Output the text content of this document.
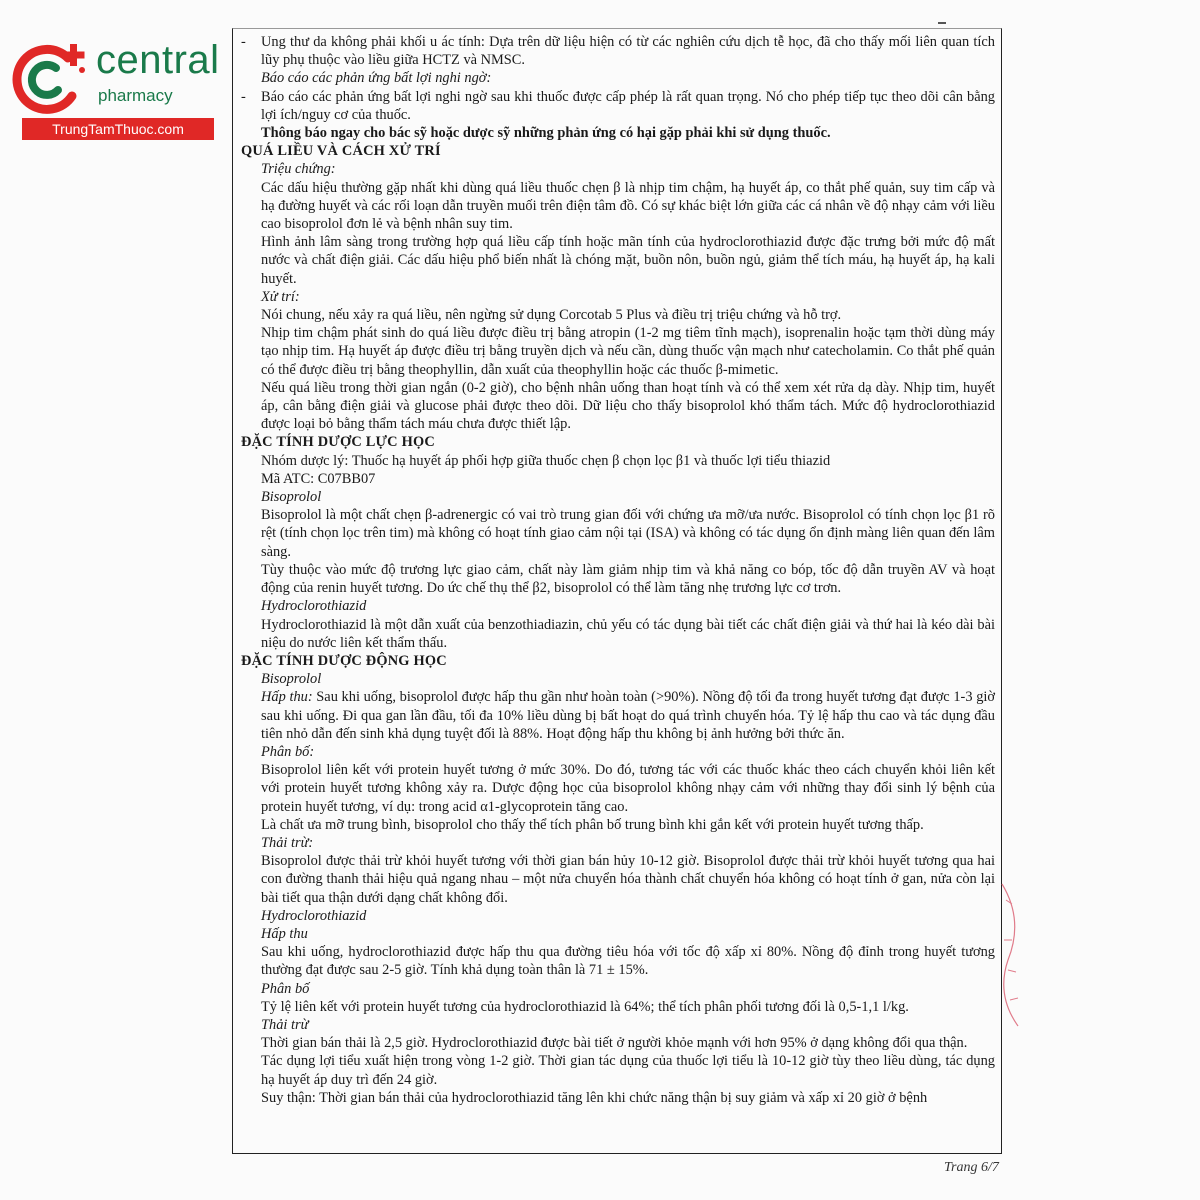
central
pharmacy
TrungTamThuoc.com

- Ung thư da không phải khối u ác tính: Dựa trên dữ liệu hiện có từ các nghiên cứu dịch tễ học, đã cho thấy mối liên quan tích lũy phụ thuộc vào liều giữa HCTZ và NMSC.

Báo cáo các phản ứng bất lợi nghi ngờ:

- Báo cáo các phản ứng bất lợi nghi ngờ sau khi thuốc được cấp phép là rất quan trọng. Nó cho phép tiếp tục theo dõi cân bằng lợi ích/nguy cơ của thuốc.

Thông báo ngay cho bác sỹ hoặc dược sỹ những phản ứng có hại gặp phải khi sử dụng thuốc.

QUÁ LIỀU VÀ CÁCH XỬ TRÍ

Triệu chứng:

Các dấu hiệu thường gặp nhất khi dùng quá liều thuốc chẹn β là nhịp tim chậm, hạ huyết áp, co thắt phế quản, suy tim cấp và hạ đường huyết và các rối loạn dẫn truyền muối trên điện tâm đồ. Có sự khác biệt lớn giữa các cá nhân về độ nhạy cảm với liều cao bisoprolol đơn lẻ và bệnh nhân suy tim.

Hình ảnh lâm sàng trong trường hợp quá liều cấp tính hoặc mãn tính của hydroclorothiazid được đặc trưng bởi mức độ mất nước và chất điện giải. Các dấu hiệu phổ biến nhất là chóng mặt, buồn nôn, buồn ngủ, giảm thể tích máu, hạ huyết áp, hạ kali huyết.

Xử trí:

Nói chung, nếu xảy ra quá liều, nên ngừng sử dụng Corcotab 5 Plus và điều trị triệu chứng và hỗ trợ.

Nhịp tim chậm phát sinh do quá liều được điều trị bằng atropin (1-2 mg tiêm tĩnh mạch), isoprenalin hoặc tạm thời dùng máy tạo nhịp tim. Hạ huyết áp được điều trị bằng truyền dịch và nếu cần, dùng thuốc vận mạch như catecholamin. Co thắt phế quản có thể được điều trị bằng theophyllin, dẫn xuất của theophyllin hoặc các thuốc β-mimetic.

Nếu quá liều trong thời gian ngắn (0-2 giờ), cho bệnh nhân uống than hoạt tính và có thể xem xét rửa dạ dày. Nhịp tim, huyết áp, cân bằng điện giải và glucose phải được theo dõi. Dữ liệu cho thấy bisoprolol khó thẩm tách. Mức độ hydroclorothiazid được loại bỏ bằng thẩm tách máu chưa được thiết lập.

ĐẶC TÍNH DƯỢC LỰC HỌC

Nhóm dược lý: Thuốc hạ huyết áp phối hợp giữa thuốc chẹn β chọn lọc β1 và thuốc lợi tiểu thiazid

Mã ATC: C07BB07

Bisoprolol

Bisoprolol là một chất chẹn β-adrenergic có vai trò trung gian đối với chứng ưa mỡ/ưa nước. Bisoprolol có tính chọn lọc β1 rõ rệt (tính chọn lọc trên tim) mà không có hoạt tính giao cảm nội tại (ISA) và không có tác dụng ổn định màng liên quan đến lâm sàng.

Tùy thuộc vào mức độ trương lực giao cảm, chất này làm giảm nhịp tim và khả năng co bóp, tốc độ dẫn truyền AV và hoạt động của renin huyết tương. Do ức chế thụ thể β2, bisoprolol có thể làm tăng nhẹ trương lực cơ trơn.

Hydroclorothiazid

Hydroclorothiazid là một dẫn xuất của benzothiadiazin, chủ yếu có tác dụng bài tiết các chất điện giải và thứ hai là kéo dài bài niệu do nước liên kết thẩm thấu.

ĐẶC TÍNH DƯỢC ĐỘNG HỌC

Bisoprolol

Hấp thu: Sau khi uống, bisoprolol được hấp thu gần như hoàn toàn (>90%). Nồng độ tối đa trong huyết tương đạt được 1-3 giờ sau khi uống. Đi qua gan lần đầu, tối đa 10% liều dùng bị bất hoạt do quá trình chuyển hóa. Tỷ lệ hấp thu cao và tác dụng đầu tiên nhỏ dẫn đến sinh khả dụng tuyệt đối là 88%. Hoạt động hấp thu không bị ảnh hưởng bởi thức ăn.

Phân bố:

Bisoprolol liên kết với protein huyết tương ở mức 30%. Do đó, tương tác với các thuốc khác theo cách chuyển khỏi liên kết với protein huyết tương không xảy ra. Dược động học của bisoprolol không nhạy cảm với những thay đổi sinh lý bệnh của protein huyết tương, ví dụ: trong acid α1-glycoprotein tăng cao.

Là chất ưa mỡ trung bình, bisoprolol cho thấy thể tích phân bố trung bình khi gắn kết với protein huyết tương thấp.

Thải trừ:

Bisoprolol được thải trừ khỏi huyết tương với thời gian bán hủy 10-12 giờ. Bisoprolol được thải trừ khỏi huyết tương qua hai con đường thanh thải hiệu quả ngang nhau – một nửa chuyển hóa thành chất chuyển hóa không có hoạt tính ở gan, nửa còn lại bài tiết qua thận dưới dạng chất không đổi.

Hydroclorothiazid

Hấp thu

Sau khi uống, hydroclorothiazid được hấp thu qua đường tiêu hóa với tốc độ xấp xỉ 80%. Nồng độ đỉnh trong huyết tương thường đạt được sau 2-5 giờ. Tính khả dụng toàn thân là 71 ± 15%.

Phân bố

Tỷ lệ liên kết với protein huyết tương của hydroclorothiazid là 64%; thể tích phân phối tương đối là 0,5-1,1 l/kg.

Thải trừ

Thời gian bán thải là 2,5 giờ. Hydroclorothiazid được bài tiết ở người khỏe mạnh với hơn 95% ở dạng không đổi qua thận.

Tác dụng lợi tiểu xuất hiện trong vòng 1-2 giờ. Thời gian tác dụng của thuốc lợi tiểu là 10-12 giờ tùy theo liều dùng, tác dụng hạ huyết áp duy trì đến 24 giờ.

Suy thận: Thời gian bán thải của hydroclorothiazid tăng lên khi chức năng thận bị suy giảm và xấp xỉ 20 giờ ở bệnh

Trang 6/7
